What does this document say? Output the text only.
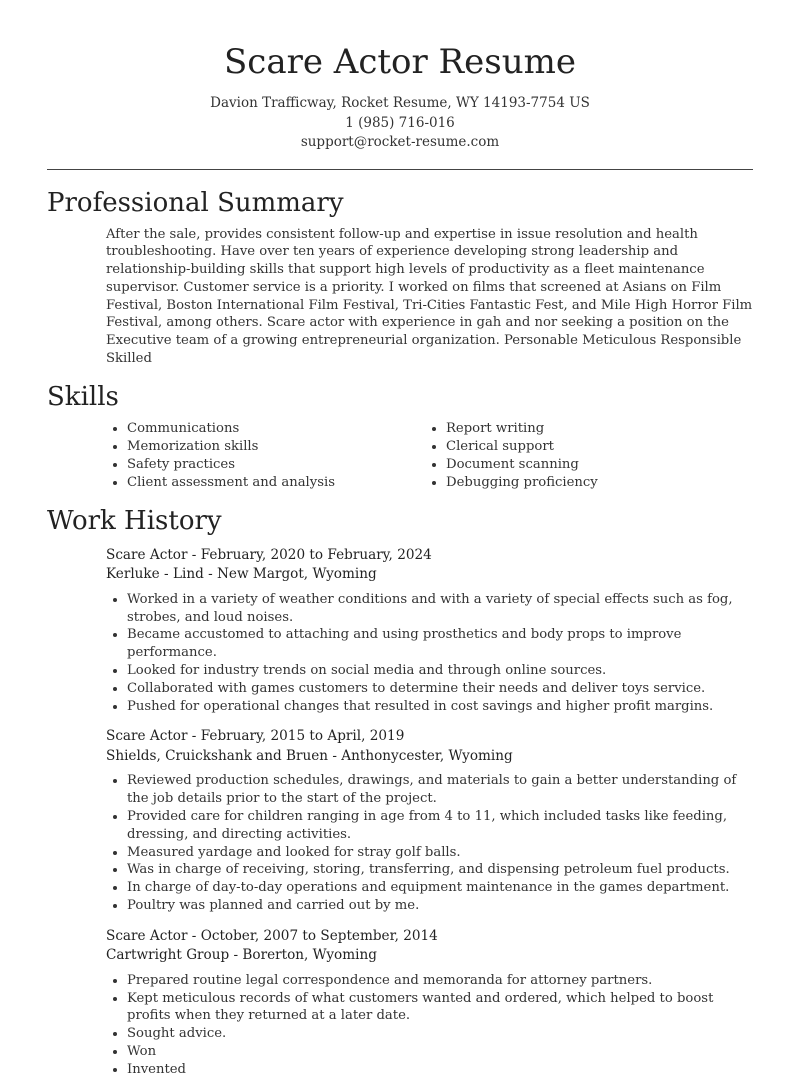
Scare Actor Resume
Davion Trafficway, Rocket Resume, WY 14193-7754 US
1 (985) 716-016
support@rocket-resume.com
Professional Summary

After the sale, provides consistent follow-up and expertise in issue resolution and health troubleshooting. Have over ten years of experience developing strong leadership and relationship-building skills that support high levels of productivity as a fleet maintenance supervisor. Customer service is a priority. I worked on films that screened at Asians on Film Festival, Boston International Film Festival, Tri-Cities Fantastic Fest, and Mile High Horror Film Festival, among others. Scare actor with experience in gah and nor seeking a position on the Executive team of a growing entrepreneurial organization. Personable Meticulous Responsible Skilled

Skills
• Communications
• Memorization skills
• Safety practices
• Client assessment and analysis
• Report writing
• Clerical support
• Document scanning
• Debugging proficiency
Work History
Scare Actor - February, 2020 to February, 2024
Kerluke - Lind - New Margot, Wyoming
• Worked in a variety of weather conditions and with a variety of special effects such as fog, strobes, and loud noises.
• Became accustomed to attaching and using prosthetics and body props to improve performance.
• Looked for industry trends on social media and through online sources.
• Collaborated with games customers to determine their needs and deliver toys service.
• Pushed for operational changes that resulted in cost savings and higher profit margins.
Scare Actor - February, 2015 to April, 2019
Shields, Cruickshank and Bruen - Anthonycester, Wyoming
• Reviewed production schedules, drawings, and materials to gain a better understanding of the job details prior to the start of the project.
• Provided care for children ranging in age from 4 to 11, which included tasks like feeding, dressing, and directing activities.
• Measured yardage and looked for stray golf balls.
• Was in charge of receiving, storing, transferring, and dispensing petroleum fuel products.
• In charge of day-to-day operations and equipment maintenance in the games department.
• Poultry was planned and carried out by me.
Scare Actor - October, 2007 to September, 2014
Cartwright Group - Borerton, Wyoming
• Prepared routine legal correspondence and memoranda for attorney partners.
• Kept meticulous records of what customers wanted and ordered, which helped to boost profits when they returned at a later date.
• Sought advice.
• Won
• Invented
